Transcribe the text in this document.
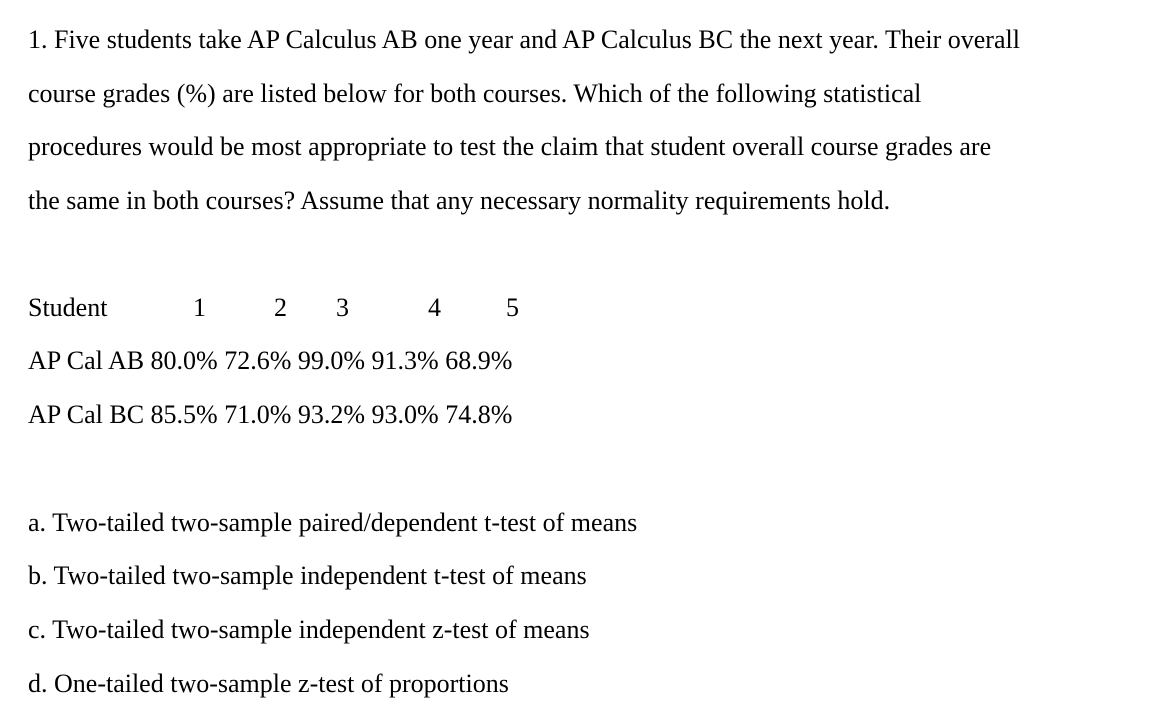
1. Five students take AP Calculus AB one year and AP Calculus BC the next year. Their overall
course grades (%) are listed below for both courses. Which of the following statistical
procedures would be most appropriate to test the claim that student overall course grades are
the same in both courses? Assume that any necessary normality requirements hold.
Student	1	2 3	4	5
AP Cal AB 80.0% 72.6% 99.0% 91.3% 68.9%
AP Cal BC 85.5% 71.0% 93.2% 93.0% 74.8%
a. Two-tailed two-sample paired/dependent t-test of means
b. Two-tailed two-sample independent t-test of means
c. Two-tailed two-sample independent z-test of means
d. One-tailed two-sample z-test of proportions
